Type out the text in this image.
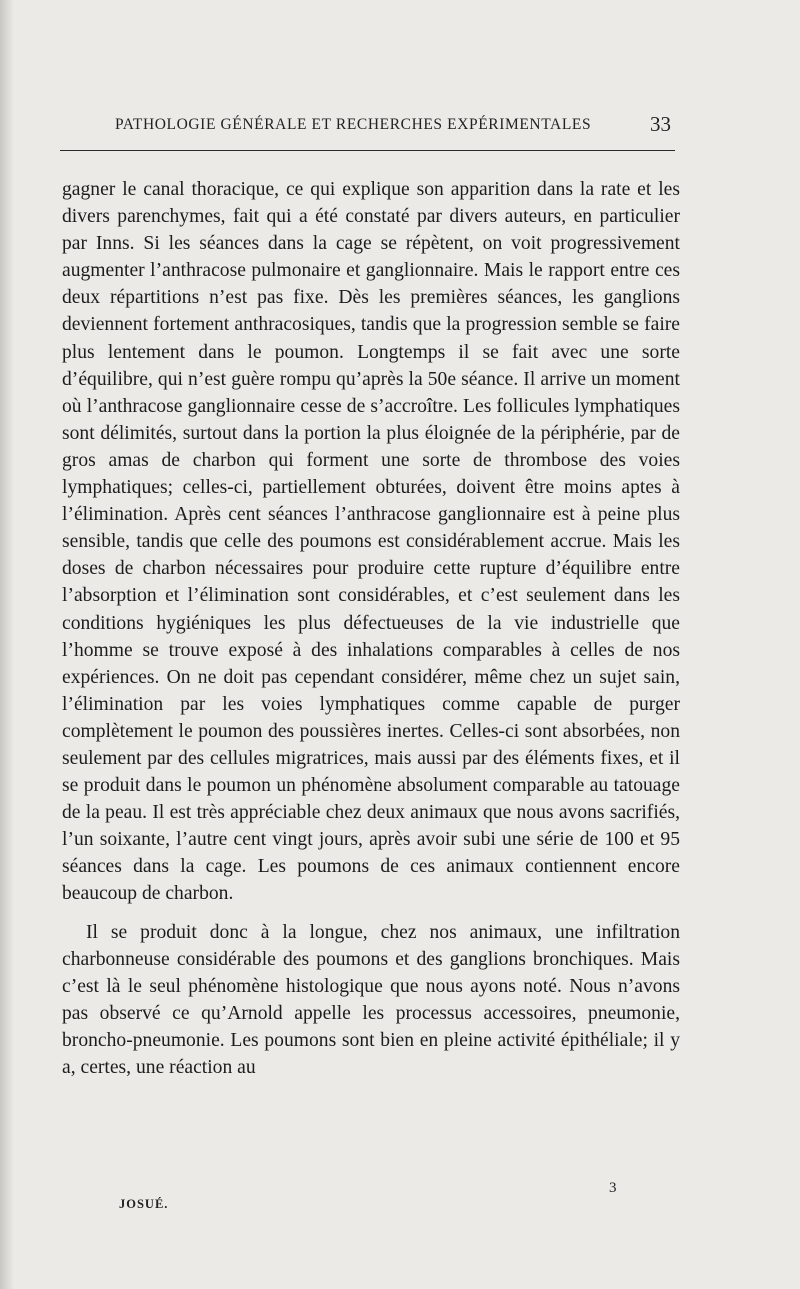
PATHOLOGIE GÉNÉRALE ET RECHERCHES EXPÉRIMENTALES	33

gagner le canal thoracique, ce qui explique son apparition dans la rate et les divers parenchymes, fait qui a été constaté par divers auteurs, en particulier par Inns. Si les séances dans la cage se répètent, on voit progressivement augmenter l’anthracose pulmonaire et ganglionnaire. Mais le rapport entre ces deux répartitions n’est pas fixe. Dès les premières séances, les ganglions deviennent fortement anthracosiques, tandis que la progression semble se faire plus lentement dans le poumon. Longtemps il se fait avec une sorte d’équilibre, qui n’est guère rompu qu’après la 50e séance. Il arrive un moment où l’anthracose ganglionnaire cesse de s’accroître. Les follicules lymphatiques sont délimités, surtout dans la portion la plus éloignée de la périphérie, par de gros amas de charbon qui forment une sorte de thrombose des voies lymphatiques; celles-ci, partiellement obturées, doivent être moins aptes à l’élimination. Après cent séances l’anthracose ganglionnaire est à peine plus sensible, tandis que celle des poumons est considérablement accrue. Mais les doses de charbon nécessaires pour produire cette rupture d’équilibre entre l’absorption et l’élimination sont considérables, et c’est seulement dans les conditions hygiéniques les plus défectueuses de la vie industrielle que l’homme se trouve exposé à des inhalations comparables à celles de nos expériences. On ne doit pas cependant considérer, même chez un sujet sain, l’élimination par les voies lymphatiques comme capable de purger complètement le poumon des poussières inertes. Celles-ci sont absorbées, non seulement par des cellules migratrices, mais aussi par des éléments fixes, et il se produit dans le poumon un phénomène absolument comparable au tatouage de la peau. Il est très appréciable chez deux animaux que nous avons sacrifiés, l’un soixante, l’autre cent vingt jours, après avoir subi une série de 100 et 95 séances dans la cage. Les poumons de ces animaux contiennent encore beaucoup de charbon.

Il se produit donc à la longue, chez nos animaux, une infiltration charbonneuse considérable des poumons et des ganglions bronchiques. Mais c’est là le seul phénomène histologique que nous ayons noté. Nous n’avons pas observé ce qu’Arnold appelle les processus accessoires, pneumonie, broncho-pneumonie. Les poumons sont bien en pleine activité épithéliale; il y a, certes, une réaction au

JOSUÉ.
3
